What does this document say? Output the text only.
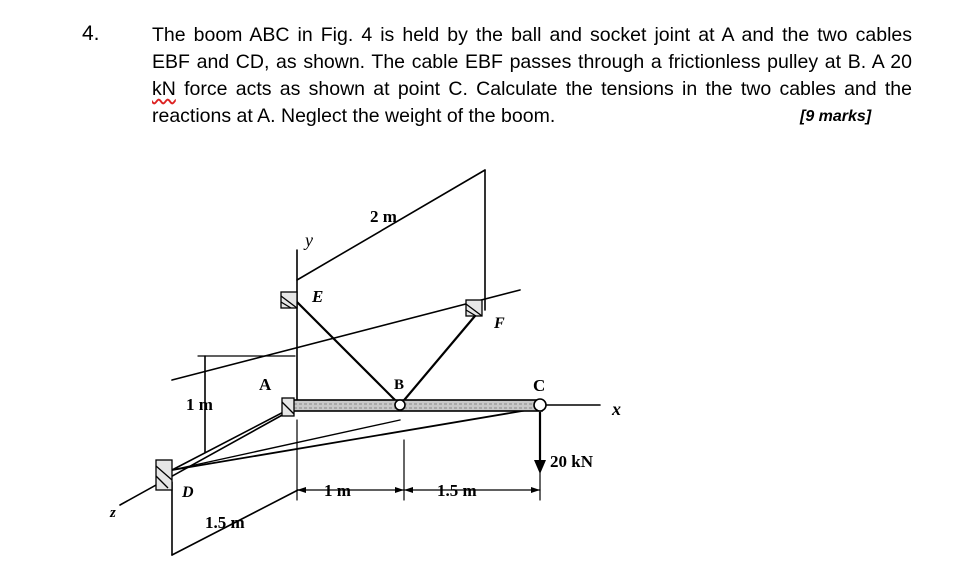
4.	The boom ABC in Fig. 4 is held by the ball and socket joint at A and the two cables
EBF and CD, as shown. The cable EBF passes through a frictionless pulley at B. A 20
kN force acts as shown at point C. Calculate the tensions in the two cables and the
reactions at A. Neglect the weight of the boom.	[9 marks]
y
x
z
A	B	C
D
E
F
2 m
1 m
1.5 m
1 m	1.5 m
20 kN
